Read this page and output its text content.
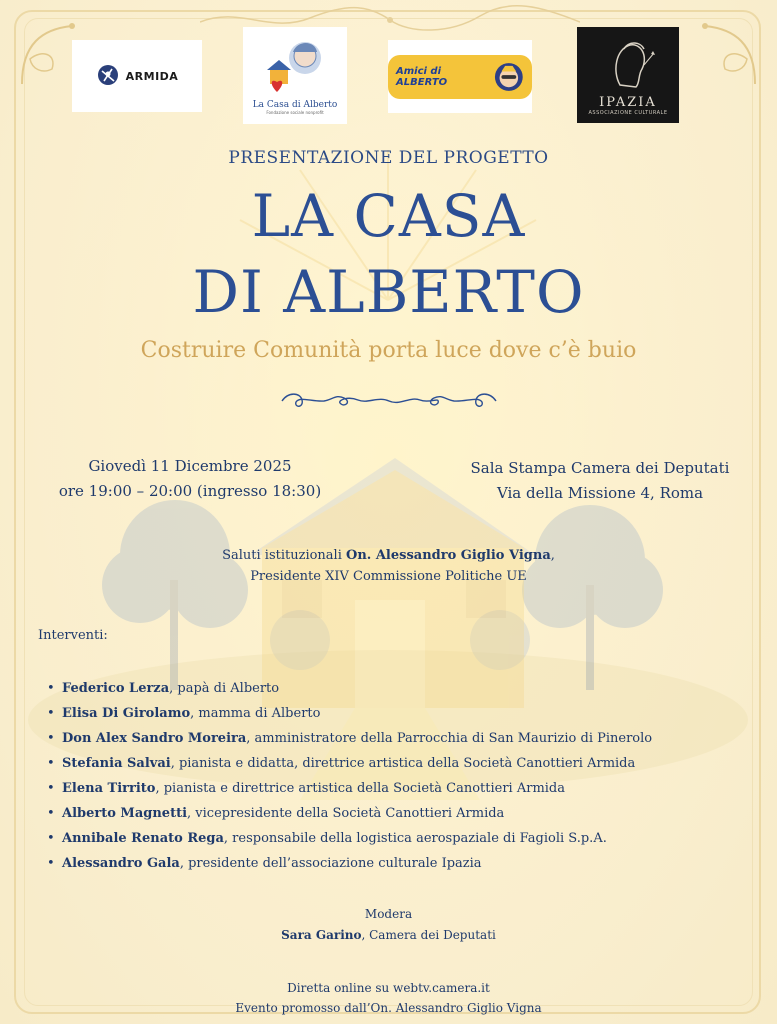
ARMIDA
La Casa di Alberto
Fondazione sociale nonprofit
Amici di ALBERTO
IPAZIA
ASSOCIAZIONE CULTURALE

PRESENTAZIONE DEL PROGETTO

LA CASA

DI ALBERTO

Costruire Comunità porta luce dove c’è buio

Giovedì 11 Dicembre 2025
ore 19:00 – 20:00 (ingresso 18:30)
Sala Stampa Camera dei Deputati
Via della Missione 4, Roma
Saluti istituzionali On. Alessandro Giglio Vigna,
Presidente XIV Commissione Politiche UE
Interventi:
• Federico Lerza, papà di Alberto
• Elisa Di Girolamo, mamma di Alberto
• Don Alex Sandro Moreira, amministratore della Parrocchia di San Maurizio di Pinerolo
• Stefania Salvai, pianista e didatta, direttrice artistica della Società Canottieri Armida
• Elena Tirrito, pianista e direttrice artistica della Società Canottieri Armida
• Alberto Magnetti, vicepresidente della Società Canottieri Armida
• Annibale Renato Rega, responsabile della logistica aerospaziale di Fagioli S.p.A.
• Alessandro Gala, presidente dell’associazione culturale Ipazia
Modera
Sara Garino, Camera dei Deputati
Diretta online su webtv.camera.it
Evento promosso dall’On. Alessandro Giglio Vigna
